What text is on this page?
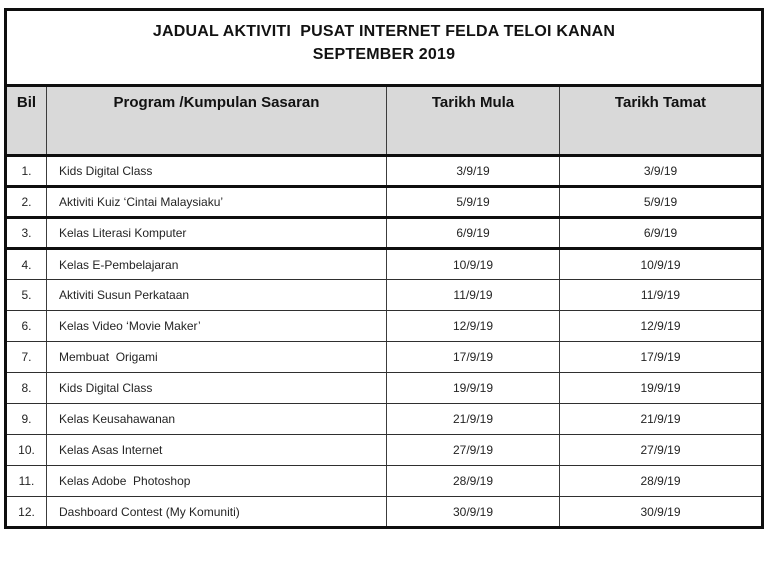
JADUAL AKTIVITI  PUSAT INTERNET FELDA TELOI KANAN
SEPTEMBER 2019			

Bil	Program /Kumpulan Sasaran	Tarikh Mula	Tarikh Tamat
1.	Kids Digital Class	3/9/19	3/9/19
2.	Aktiviti Kuiz ‘Cintai Malaysiaku’	5/9/19	5/9/19
3.	Kelas Literasi Komputer	6/9/19	6/9/19
4.	Kelas E-Pembelajaran	10/9/19	10/9/19
5.	Aktiviti Susun Perkataan	11/9/19	11/9/19
6.	Kelas Video ‘Movie Maker’	12/9/19	12/9/19
7.	Membuat  Origami	17/9/19	17/9/19
8.	Kids Digital Class	19/9/19	19/9/19
9.	Kelas Keusahawanan	21/9/19	21/9/19
10.	Kelas Asas Internet	27/9/19	27/9/19
11.	Kelas Adobe  Photoshop	28/9/19	28/9/19
12.	Dashboard Contest (My Komuniti)	30/9/19	30/9/19
